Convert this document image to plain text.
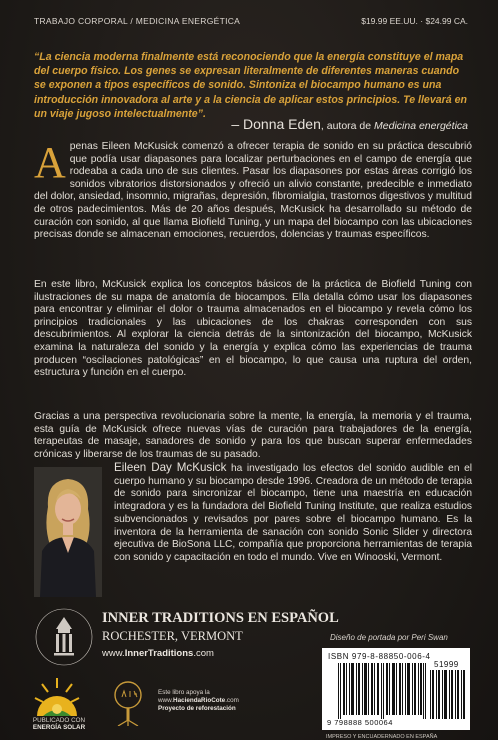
TRABAJO CORPORAL / MEDICINA ENERGÉTICA	$19.99 EE.UU. · $24.99 CA.
“La ciencia moderna finalmente está reconociendo que la energía constituye el mapa del cuerpo físico. Los genes se expresan literalmente de diferentes maneras cuando se exponen a tipos específicos de sonido. Sintoniza el biocampo humano es una introducción innovadora al arte y a la ciencia de aplicar estos principios. Te llevará en un viaje jugoso intelectualmente”.
– Donna Eden, autora de Medicina energética

Apenas Eileen McKusick comenzó a ofrecer terapia de sonido en su práctica descubrió que podía usar diapasones para localizar perturbaciones en el campo de energía que rodeaba a cada uno de sus clientes. Pasar los diapasones por estas áreas corrigió los sonidos vibratorios distorsionados y ofreció un alivio constante, predecible e inmediato del dolor, ansiedad, insomnio, migrañas, depresión, fibromialgia, trastornos digestivos y multitud de otros padecimientos. Más de 20 años después, McKusick ha desarrollado su método de curación con sonido, al que llama Biofield Tuning, y un mapa del biocampo con las ubicaciones precisas donde se almacenan emociones, recuerdos, dolencias y traumas específicos.

En este libro, McKusick explica los conceptos básicos de la práctica de Biofield Tuning con ilustraciones de su mapa de anatomía de biocampos. Ella detalla cómo usar los diapasones para encontrar y eliminar el dolor o trauma almacenados en el biocampo y revela cómo los principios tradicionales y las ubicaciones de los chakras corresponden con sus descubrimientos. Al explorar la ciencia detrás de la sintonización del biocampo, McKusick examina la naturaleza del sonido y la energía y explica cómo las experiencias de trauma producen “oscilaciones patológicas” en el biocampo, lo que causa una ruptura del orden, estructura y función en el cuerpo.

Gracias a una perspectiva revolucionaria sobre la mente, la energía, la memoria y el trauma, esta guía de McKusick ofrece nuevas vías de curación para trabajadores de la energía, terapeutas de masaje, sanadores de sonido y para los que buscan superar enfermedades crónicas y liberarse de los traumas de su pasado.

Eileen Day McKusick ha investigado los efectos del sonido audible en el cuerpo humano y su biocampo desde 1996. Creadora de un método de terapia de sonido para sincronizar el biocampo, tiene una maestría en educación integradora y es la fundadora del Biofield Tuning Institute, que realiza estudios subvencionados y revisados por pares sobre el biocampo humano. Es la inventora de la herramienta de sanación con sonido Sonic Slider y directora ejecutiva de BioSona LLC, compañía que proporciona herramientas de terapia con sonido y capacitación en todo el mundo. Vive en Winooski, Vermont.

INNER TRADITIONS EN ESPAÑOL
ROCHESTER, VERMONT
www.InnerTraditions.com
Diseño de portada por Peri Swan
PUBLICADO CON
ENERGÍA SOLAR
Este libro apoya la
www.HaciendaRioCote.com
Proyecto de reforestación
ISBN 979-8-88850-006-4
51999
9 798888 500064
IMPRESO Y ENCUADERNADO EN ESPAÑA
